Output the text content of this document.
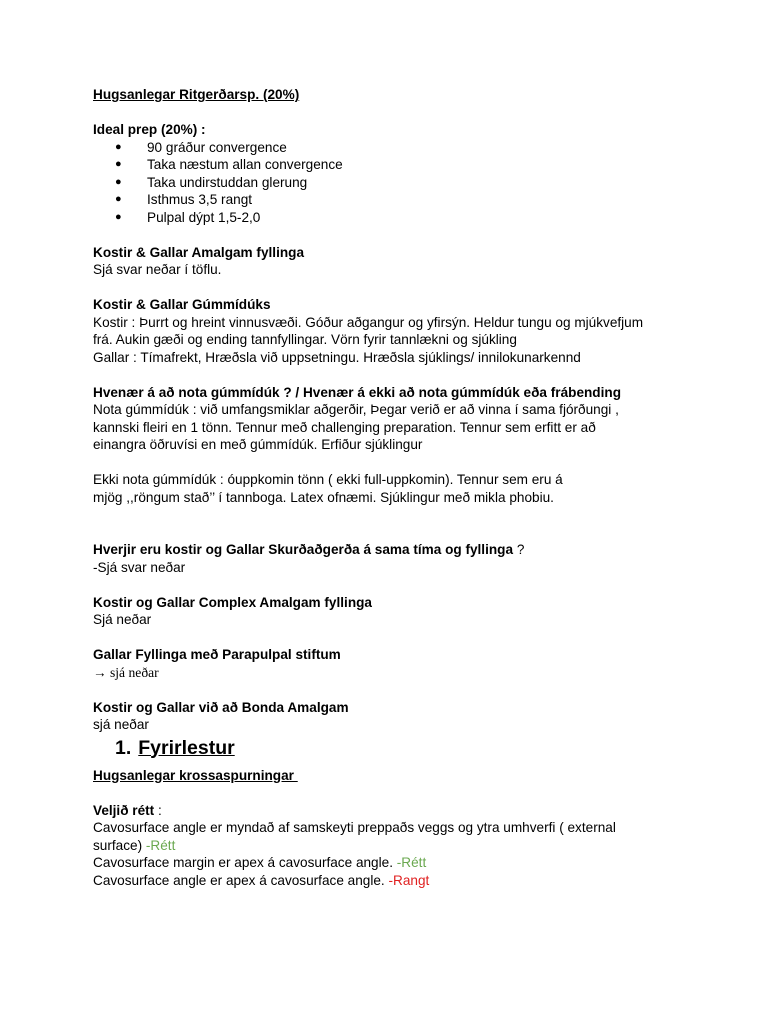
Hugsanlegar Ritgerðarsp. (20%)

Ideal prep (20%) :

● 90 gráður convergence
● Taka næstum allan convergence
● Taka undirstuddan glerung
● Isthmus 3,5 rangt
● Pulpal dýpt 1,5-2,0

Kostir & Gallar Amalgam fyllinga

Sjá svar neðar í töflu.

Kostir & Gallar Gúmmídúks

Kostir : Þurrt og hreint vinnusvæði. Góður aðgangur og yfirsýn. Heldur tungu og mjúkvefjum

frá. Aukin gæði og ending tannfyllingar. Vörn fyrir tannlækni og sjúkling

Gallar : Tímafrekt, Hræðsla við uppsetningu. Hræðsla sjúklings/ innilokunarkennd

Hvenær á að nota gúmmídúk ? / Hvenær á ekki að nota gúmmídúk eða frábending

Nota gúmmídúk : við umfangsmiklar aðgerðir, Þegar verið er að vinna í sama fjórðungi ,

kannski fleiri en 1 tönn. Tennur með challenging preparation. Tennur sem erfitt er að

einangra öðruvísi en með gúmmídúk. Erfiður sjúklingur

Ekki nota gúmmídúk : óuppkomin tönn ( ekki full-uppkomin). Tennur sem eru á

mjög ,,röngum stað’’ í tannboga. Latex ofnæmi. Sjúklingur með mikla phobiu.

Hverjir eru kostir og Gallar Skurðaðgerða á sama tíma og fyllinga ?

-Sjá svar neðar

Kostir og Gallar Complex Amalgam fyllinga

Sjá neðar

Gallar Fyllinga með Parapulpal stiftum

→ sjá neðar

Kostir og Gallar við að Bonda Amalgam

sjá neðar

1. Fyrirlestur

Hugsanlegar krossaspurningar

Veljið rétt :

Cavosurface angle er myndað af samskeyti preppaðs veggs og ytra umhverfi ( external

surface) -Rétt

Cavosurface margin er apex á cavosurface angle. -Rétt

Cavosurface angle er apex á cavosurface angle. -Rangt
